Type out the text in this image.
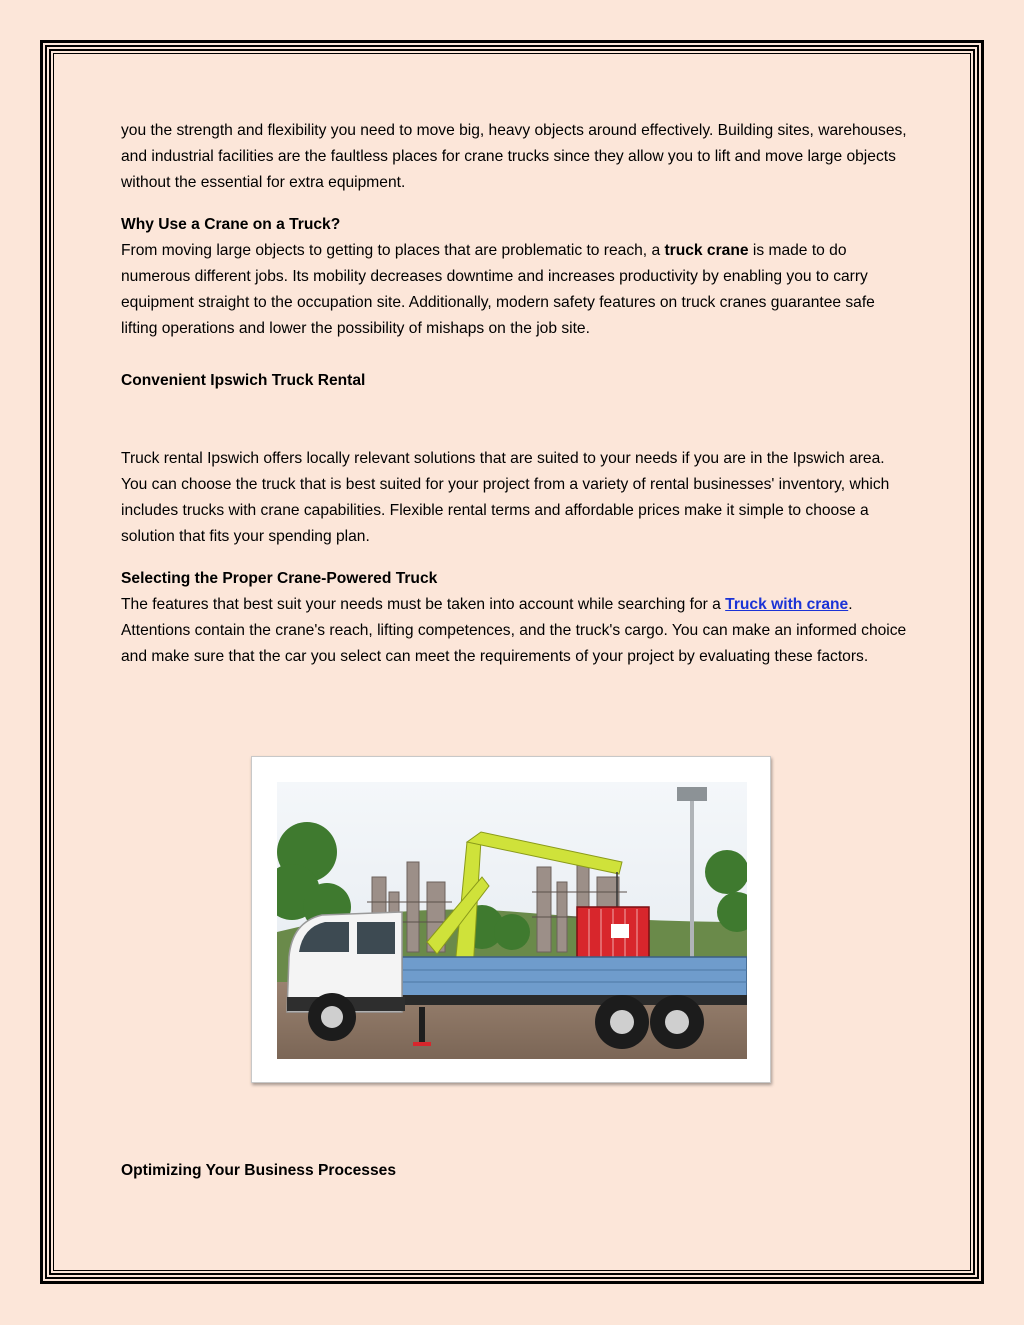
you the strength and flexibility you need to move big, heavy objects around effectively. Building sites, warehouses, and industrial facilities are the faultless places for crane trucks since they allow you to lift and move large objects without the essential for extra equipment.

Why Use a Crane on a Truck?

From moving large objects to getting to places that are problematic to reach, a truck crane is made to do numerous different jobs. Its mobility decreases downtime and increases productivity by enabling you to carry equipment straight to the occupation site. Additionally, modern safety features on truck cranes guarantee safe lifting operations and lower the possibility of mishaps on the job site.

Convenient Ipswich Truck Rental

Truck rental Ipswich offers locally relevant solutions that are suited to your needs if you are in the Ipswich area. You can choose the truck that is best suited for your project from a variety of rental businesses' inventory, which includes trucks with crane capabilities. Flexible rental terms and affordable prices make it simple to choose a solution that fits your spending plan.

Selecting the Proper Crane-Powered Truck

The features that best suit your needs must be taken into account while searching for a Truck with crane. Attentions contain the crane's reach, lifting competences, and the truck's cargo. You can make an informed choice and make sure that the car you select can meet the requirements of your project by evaluating these factors.

Optimizing Your Business Processes
